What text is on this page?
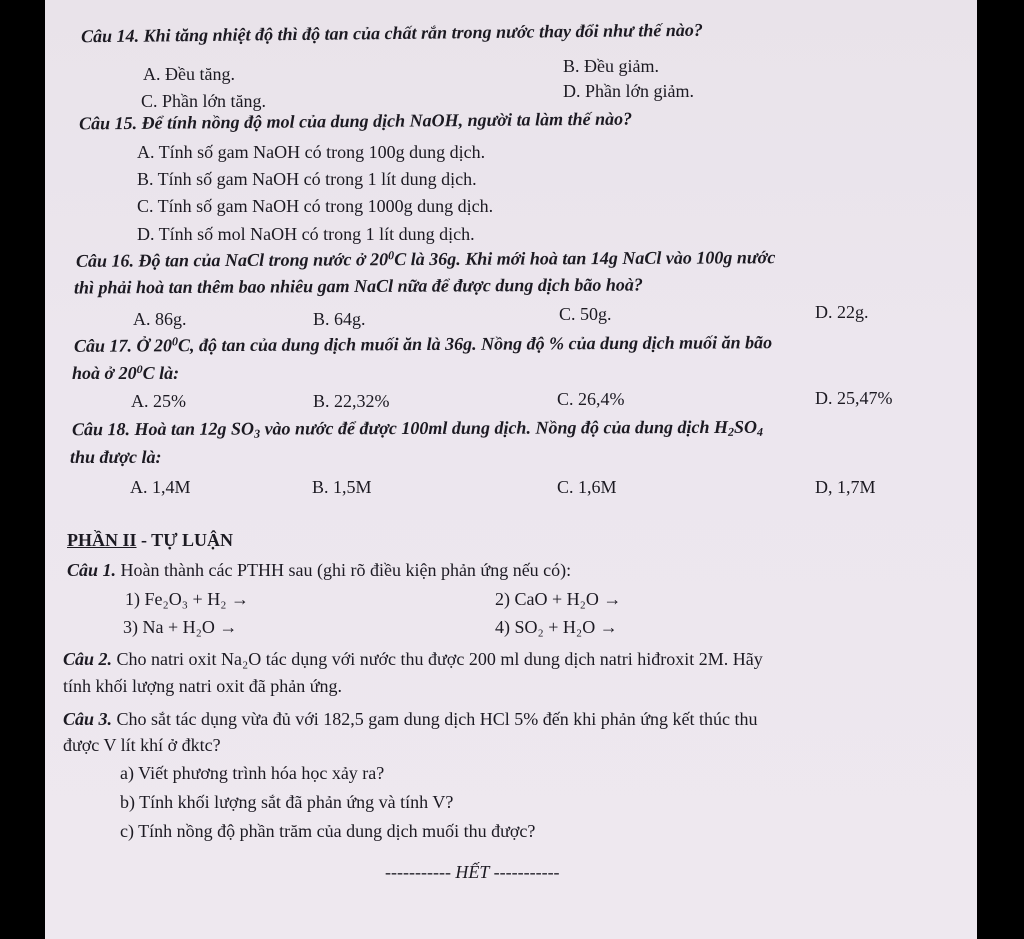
Câu 14. Khi tăng nhiệt độ thì độ tan của chất rắn trong nước thay đổi như thế nào?
A. Đều tăng.	B. Đều giảm.
C. Phần lớn tăng.	D. Phần lớn giảm.
Câu 15. Để tính nồng độ mol của dung dịch NaOH, người ta làm thế nào?
A. Tính số gam NaOH có trong 100g dung dịch.
B. Tính số gam NaOH có trong 1 lít dung dịch.
C. Tính số gam NaOH có trong 1000g dung dịch.
D. Tính số mol NaOH có trong 1 lít dung dịch.
Câu 16. Độ tan của NaCl trong nước ở $20^0C$ là 36g. Khi mới hoà tan 14g NaCl vào 100g nước
thì phải hoà tan thêm bao nhiêu gam NaCl nữa để được dung dịch bão hoà?
A. 86g.	B. 64g.	C. 50g.	D. 22g.
Câu 17. Ở $20^0C$, độ tan của dung dịch muối ăn là 36g. Nồng độ % của dung dịch muối ăn bão
hoà ở $20^0C$ là:
A. 25%	B. 22,32%	C. 26,4%	D. 25,47%
Câu 18. Hoà tan 12g $SO_3$ vào nước để được 100ml dung dịch. Nồng độ của dung dịch $H_2SO_4$
thu được là:
A. 1,4M	B. 1,5M	C. 1,6M	D, 1,7M
PHẦN II - TỰ LUẬN
Câu 1. Hoàn thành các PTHH sau (ghi rõ điều kiện phản ứng nếu có):
1) Fe₂O₃ + H₂ →	2) CaO + H₂O →
3) Na + H₂O →	4) SO₂ + H₂O →
Câu 2. Cho natri oxit Na₂O tác dụng với nước thu được 200 ml dung dịch natri hiđroxit 2M. Hãy
tính khối lượng natri oxit đã phản ứng.
Câu 3. Cho sắt tác dụng vừa đủ với 182,5 gam dung dịch HCl 5% đến khi phản ứng kết thúc thu
được V lít khí ở đktc?
a) Viết phương trình hóa học xảy ra?
b) Tính khối lượng sắt đã phản ứng và tính V?
c) Tính nồng độ phần trăm của dung dịch muối thu được?
----------- HẾT -----------
